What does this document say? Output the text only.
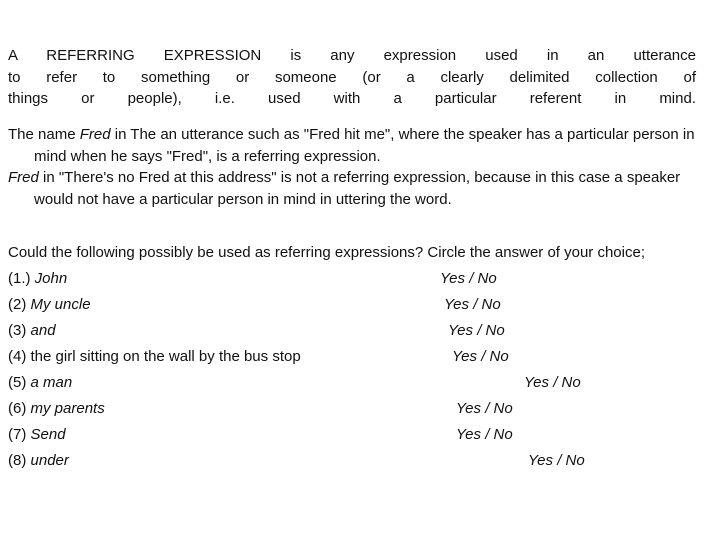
A REFERRING EXPRESSION is any expression used in an utterance
to refer to something or someone (or a clearly delimited collection of
things or people), i.e. used with a particular referent in mind.

The name Fred in The an utterance such as "Fred hit me", where the speaker has a particular person in mind when he says "Fred", is a referring expression.

Fred in "There's no Fred at this address" is not a referring expression, because in this case a speaker would not have a particular person in mind in uttering the word.

Could the following possibly be used as referring expressions? Circle the answer of your choice;
(1.) John	Yes / No
(2) My uncle	Yes / No
(3) and	Yes / No
(4) the girl sitting on the wall by the bus stop	Yes / No
(5) a man	Yes / No
(6) my parents	Yes / No
(7) Send	Yes / No
(8) under	Yes / No
